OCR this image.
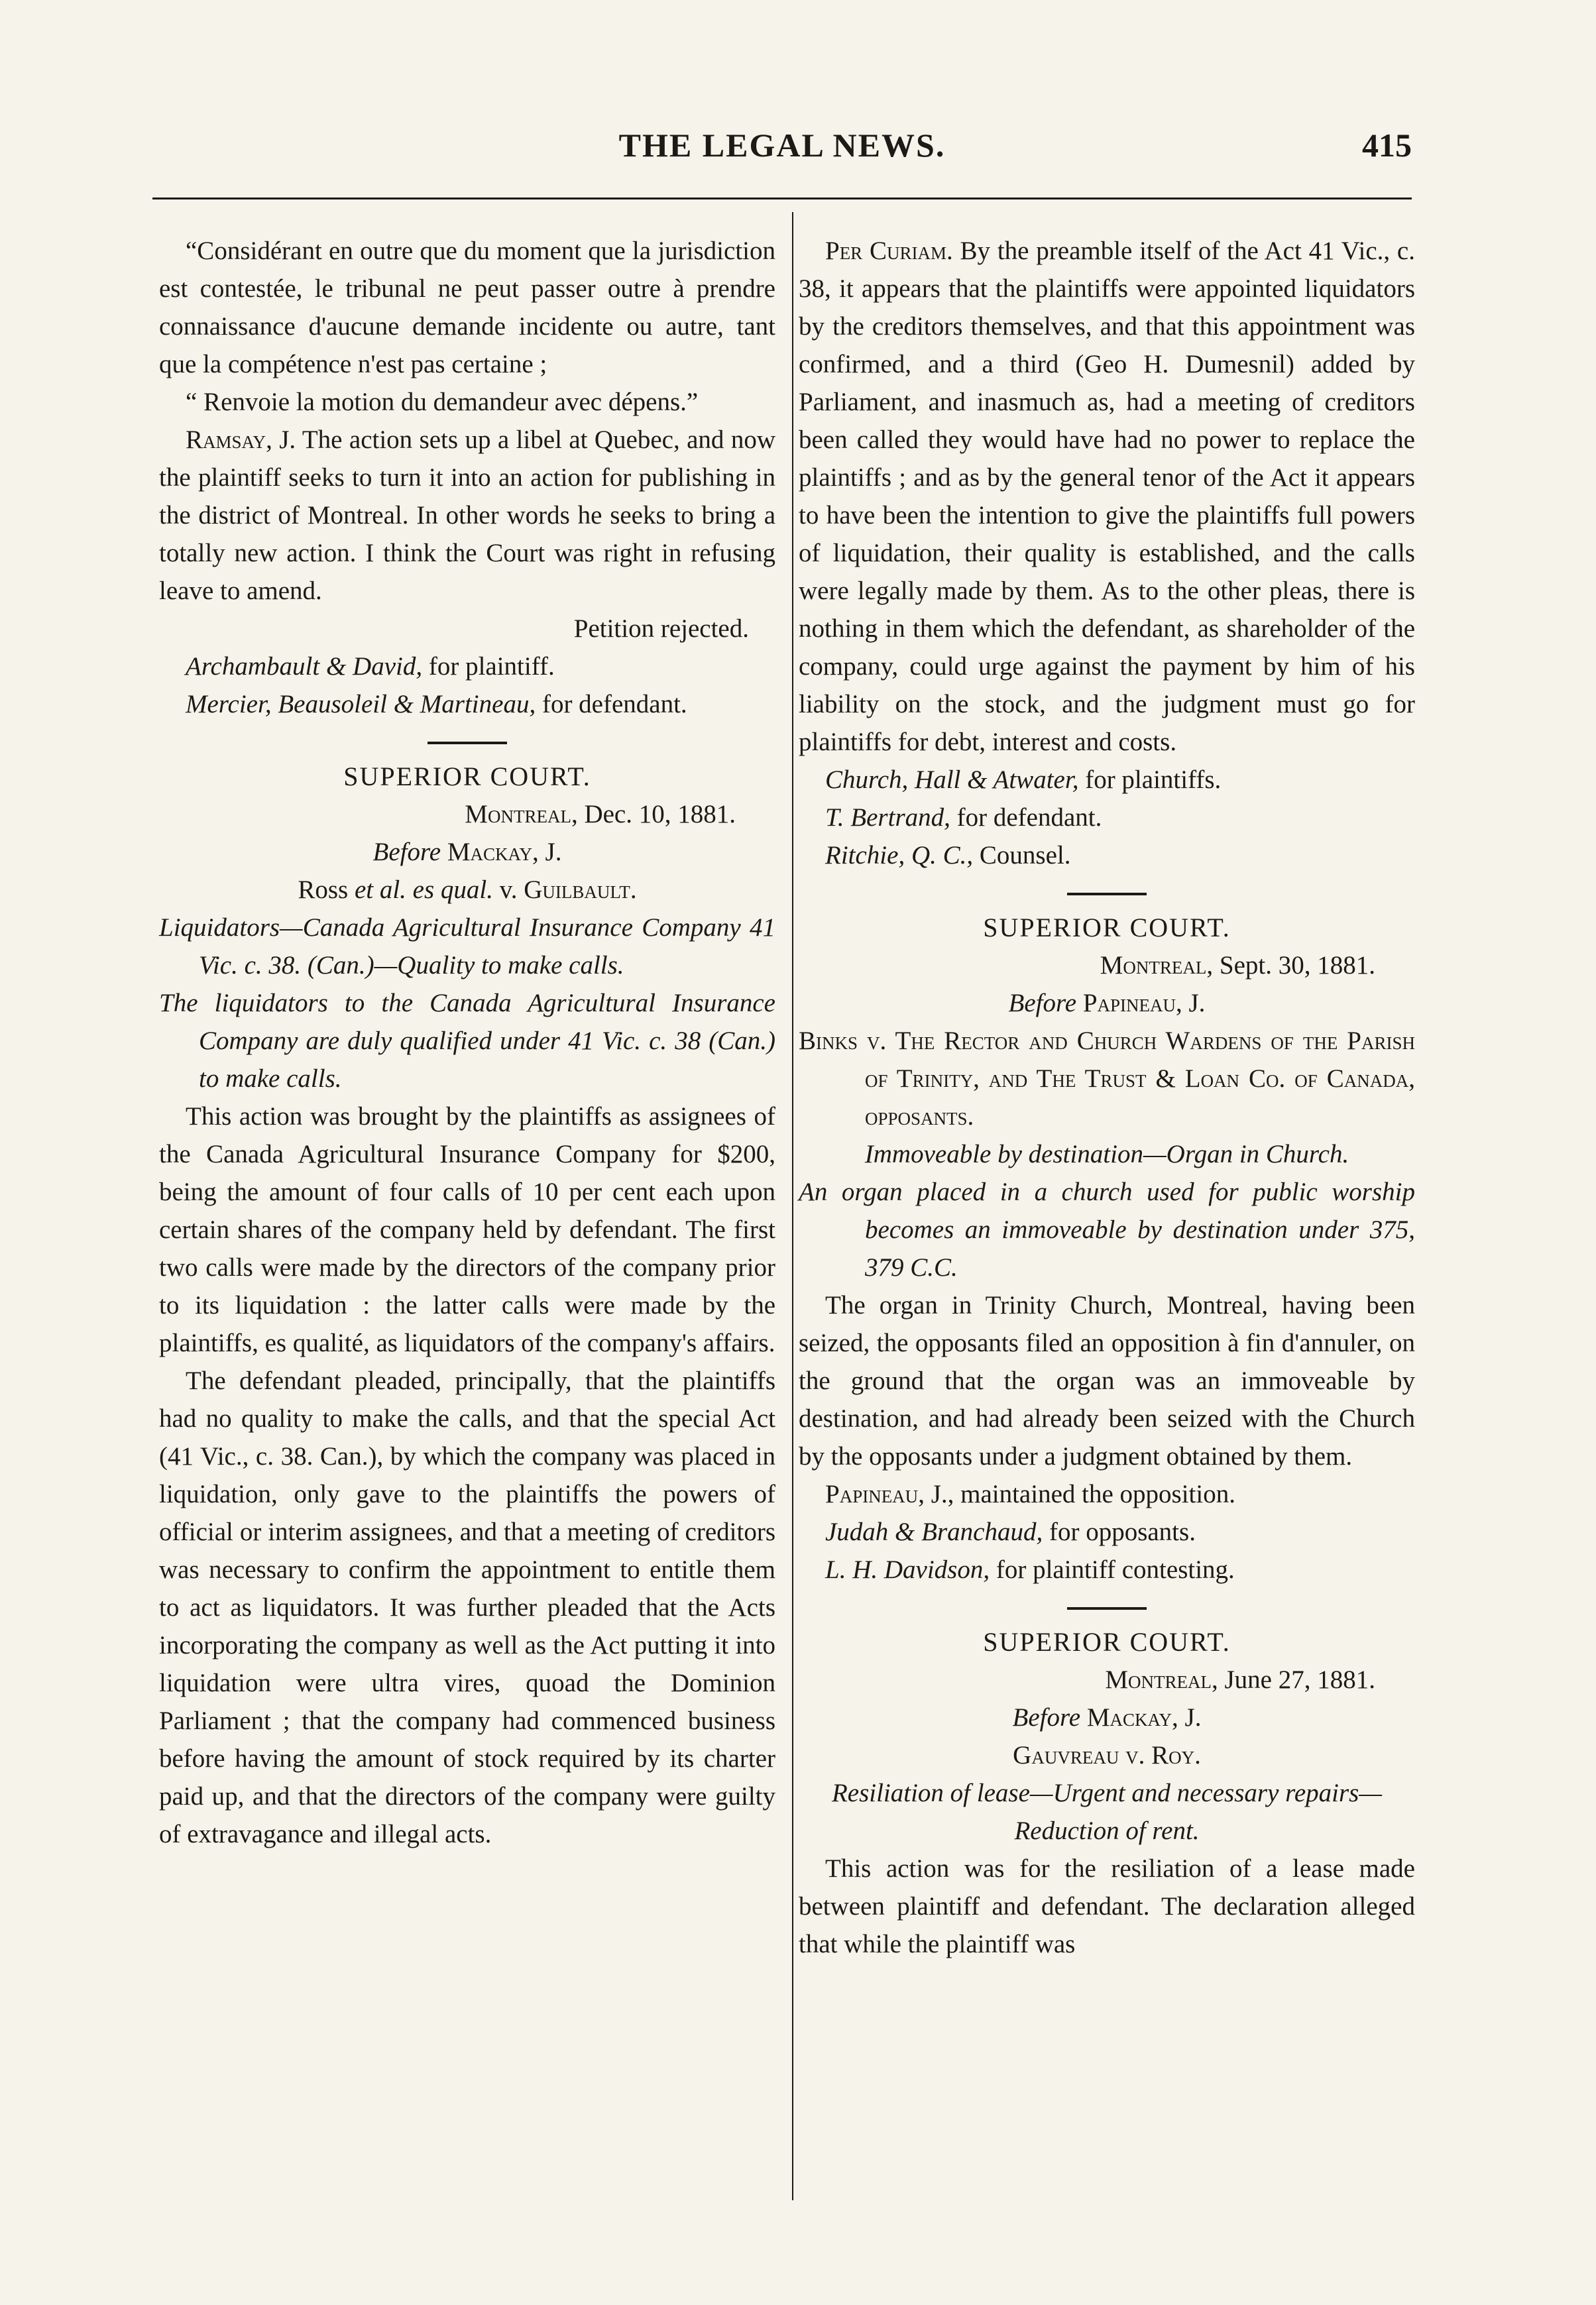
THE LEGAL NEWS.	415

“Considérant en outre que du moment que la jurisdiction est contestée, le tribunal ne peut passer outre à prendre connaissance d'aucune demande incidente ou autre, tant que la compétence n'est pas certaine ;

“ Renvoie la motion du demandeur avec dépens.”

Ramsay, J. The action sets up a libel at Quebec, and now the plaintiff seeks to turn it into an action for publishing in the district of Montreal. In other words he seeks to bring a totally new action. I think the Court was right in refusing leave to amend.

Petition rejected.

Archambault & David, for plaintiff.

Mercier, Beausoleil & Martineau, for defendant.

SUPERIOR COURT.

Montreal, Dec. 10, 1881.

Before Mackay, J.

Ross et al. es qual. v. Guilbault.

Liquidators—Canada Agricultural Insurance Company 41 Vic. c. 38. (Can.)—Quality to make calls.

The liquidators to the Canada Agricultural Insurance Company are duly qualified under 41 Vic. c. 38 (Can.) to make calls.

This action was brought by the plaintiffs as assignees of the Canada Agricultural Insurance Company for $200, being the amount of four calls of 10 per cent each upon certain shares of the company held by defendant. The first two calls were made by the directors of the company prior to its liquidation : the latter calls were made by the plaintiffs, es qualité, as liquidators of the company's affairs.

The defendant pleaded, principally, that the plaintiffs had no quality to make the calls, and that the special Act (41 Vic., c. 38. Can.), by which the company was placed in liquidation, only gave to the plaintiffs the powers of official or interim assignees, and that a meeting of creditors was necessary to confirm the appointment to entitle them to act as liquidators. It was further pleaded that the Acts incorporating the company as well as the Act putting it into liquidation were ultra vires, quoad the Dominion Parliament ; that the company had commenced business before having the amount of stock required by its charter paid up, and that the directors of the company were guilty of extravagance and illegal acts.

Per Curiam. By the preamble itself of the Act 41 Vic., c. 38, it appears that the plaintiffs were appointed liquidators by the creditors themselves, and that this appointment was confirmed, and a third (Geo H. Dumesnil) added by Parliament, and inasmuch as, had a meeting of creditors been called they would have had no power to replace the plaintiffs ; and as by the general tenor of the Act it appears to have been the intention to give the plaintiffs full powers of liquidation, their quality is established, and the calls were legally made by them. As to the other pleas, there is nothing in them which the defendant, as shareholder of the company, could urge against the payment by him of his liability on the stock, and the judgment must go for plaintiffs for debt, interest and costs.

Church, Hall & Atwater, for plaintiffs.

T. Bertrand, for defendant.

Ritchie, Q. C., Counsel.

SUPERIOR COURT.

Montreal, Sept. 30, 1881.

Before Papineau, J.

Binks v. The Rector and Church Wardens of the Parish of Trinity, and The Trust & Loan Co. of Canada, opposants.

Immoveable by destination—Organ in Church.

An organ placed in a church used for public worship becomes an immoveable by destination under 375, 379 C.C.

The organ in Trinity Church, Montreal, having been seized, the opposants filed an opposition à fin d'annuler, on the ground that the organ was an immoveable by destination, and had already been seized with the Church by the opposants under a judgment obtained by them.

Papineau, J., maintained the opposition.

Judah & Branchaud, for opposants.

L. H. Davidson, for plaintiff contesting.

SUPERIOR COURT.

Montreal, June 27, 1881.

Before Mackay, J.

Gauvreau v. Roy.

Resiliation of lease—Urgent and necessary repairs— Reduction of rent.

This action was for the resiliation of a lease made between plaintiff and defendant. The declaration alleged that while the plaintiff was
